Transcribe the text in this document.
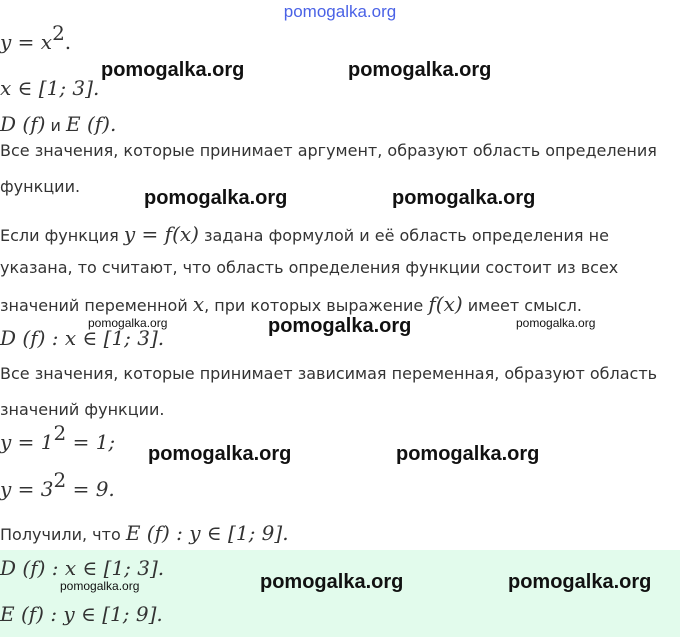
pomogalka.org
$y = x^2$.
x ∈ [1; 3].
D (f) и E (f).
Все значения, которые принимает аргумент, образуют область определения
функции.
Если функция y = f(x) задана формулой и её область определения не
указана, то считают, что область определения функции состоит из всех
значений переменной x, при которых выражение f(x) имеет смысл.
D (f) : x ∈ [1; 3].
Все значения, которые принимает зависимая переменная, образуют область
значений функции.
$y = 1^2 = 1$;
$y = 3^2 = 9$.
Получили, что E (f) : y ∈ [1; 9].
D (f) : x ∈ [1; 3].
E (f) : y ∈ [1; 9].
pomogalka.org	pomogalka.org
pomogalka.org	pomogalka.org
pomogalka.org	pomogalka.org	pomogalka.org
pomogalka.org	pomogalka.org
pomogalka.org	pomogalka.org	pomogalka.org
